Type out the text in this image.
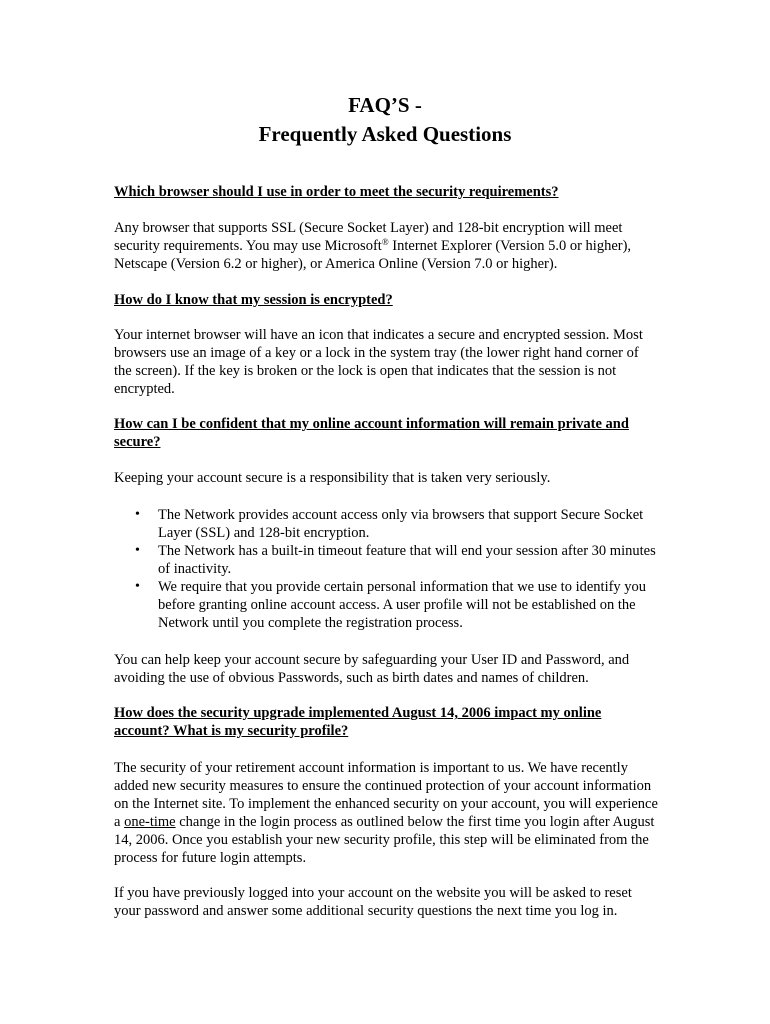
FAQ’S -
Frequently Asked Questions

Which browser should I use in order to meet the security requirements?

Any browser that supports SSL (Secure Socket Layer) and 128-bit encryption will meet security requirements. You may use Microsoft® Internet Explorer (Version 5.0 or higher), Netscape (Version 6.2 or higher), or America Online (Version 7.0 or higher).

How do I know that my session is encrypted?

Your internet browser will have an icon that indicates a secure and encrypted session. Most browsers use an image of a key or a lock in the system tray (the lower right hand corner of the screen). If the key is broken or the lock is open that indicates that the session is not encrypted.

How can I be confident that my online account information will remain private and secure?

Keeping your account secure is a responsibility that is taken very seriously.

• The Network provides account access only via browsers that support Secure Socket Layer (SSL) and 128-bit encryption.
• The Network has a built-in timeout feature that will end your session after 30 minutes of inactivity.
• We require that you provide certain personal information that we use to identify you before granting online account access. A user profile will not be established on the Network until you complete the registration process.

You can help keep your account secure by safeguarding your User ID and Password, and avoiding the use of obvious Passwords, such as birth dates and names of children.

How does the security upgrade implemented August 14, 2006 impact my online account? What is my security profile?

The security of your retirement account information is important to us. We have recently added new security measures to ensure the continued protection of your account information on the Internet site. To implement the enhanced security on your account, you will experience a one-time change in the login process as outlined below the first time you login after August 14, 2006. Once you establish your new security profile, this step will be eliminated from the process for future login attempts.

If you have previously logged into your account on the website you will be asked to reset your password and answer some additional security questions the next time you log in.
